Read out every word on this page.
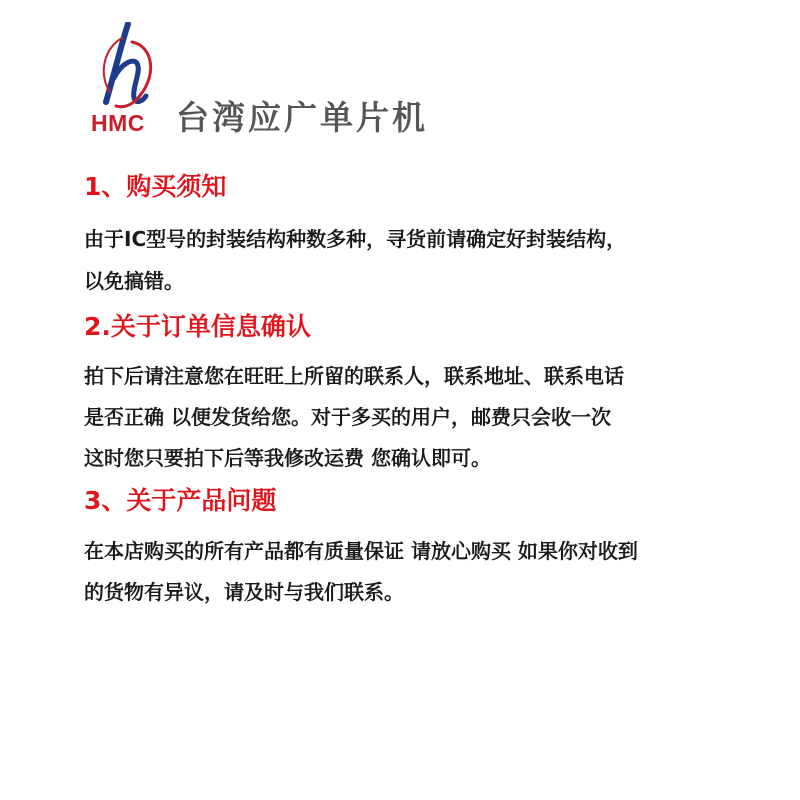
HMC 台湾应广单片机
1、购买须知
由于IC型号的封装结构种数多种，寻货前请确定好封装结构，
以免搞错。
2.关于订单信息确认
拍下后请注意您在旺旺上所留的联系人，联系地址、联系电话
是否正确 以便发货给您。对于多买的用户，邮费只会收一次
这时您只要拍下后等我修改运费 您确认即可。
3、关于产品问题
在本店购买的所有产品都有质量保证 请放心购买 如果你对收到
的货物有异议，请及时与我们联系。
